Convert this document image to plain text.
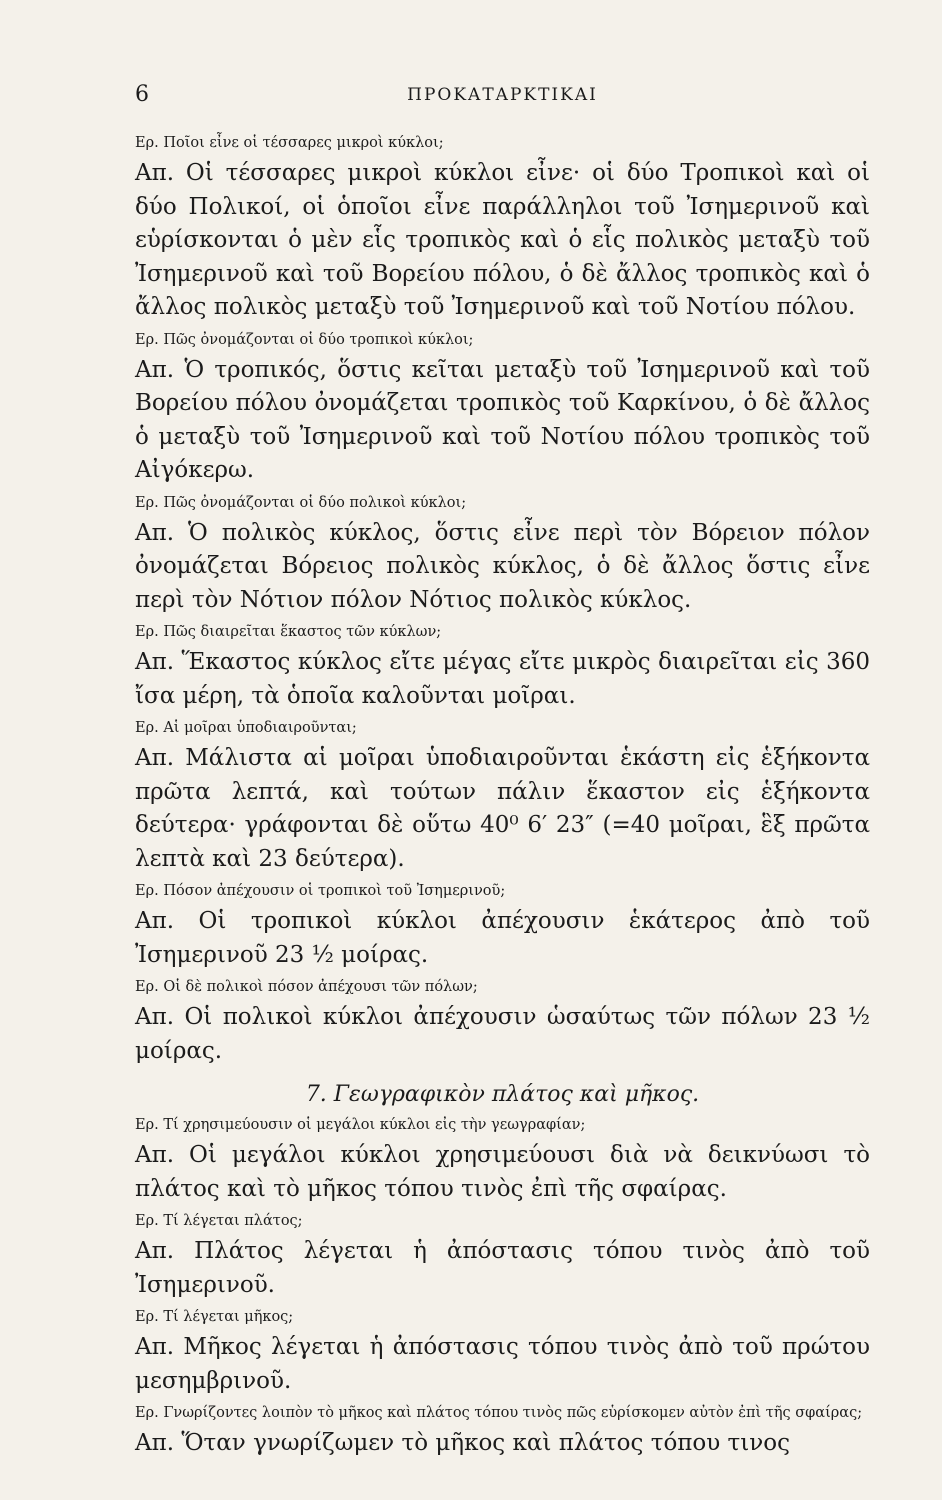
6	ΠΡΟΚΑΤΑΡΚΤΙΚΑΙ

Ερ. Ποῖοι εἶνε οἱ τέσσαρες μικροὶ κύκλοι;

Απ. Οἱ τέσσαρες μικροὶ κύκλοι εἶνε· οἱ δύο Τροπικοὶ καὶ οἱ δύο Πολικοί, οἱ ὁποῖοι εἶνε παράλληλοι τοῦ Ἰσημερινοῦ καὶ εὑρίσκονται ὁ μὲν εἷς τροπικὸς καὶ ὁ εἷς πολικὸς μεταξὺ τοῦ Ἰσημερινοῦ καὶ τοῦ Βορείου πόλου, ὁ δὲ ἄλλος τροπικὸς καὶ ὁ ἄλλος πολικὸς μεταξὺ τοῦ Ἰσημερινοῦ καὶ τοῦ Νοτίου πόλου.

Ερ. Πῶς ὀνομάζονται οἱ δύο τροπικοὶ κύκλοι;

Απ. Ὁ τροπικός, ὅστις κεῖται μεταξὺ τοῦ Ἰσημερινοῦ καὶ τοῦ Βορείου πόλου ὀνομάζεται τροπικὸς τοῦ Καρκίνου, ὁ δὲ ἄλλος ὁ μεταξὺ τοῦ Ἰσημερινοῦ καὶ τοῦ Νοτίου πόλου τροπικὸς τοῦ Αἰγόκερω.

Ερ. Πῶς ὀνομάζονται οἱ δύο πολικοὶ κύκλοι;

Απ. Ὁ πολικὸς κύκλος, ὅστις εἶνε περὶ τὸν Βόρειον πόλον ὀνομάζεται Βόρειος πολικὸς κύκλος, ὁ δὲ ἄλλος ὅστις εἶνε περὶ τὸν Νότιον πόλον Νότιος πολικὸς κύκλος.

Ερ. Πῶς διαιρεῖται ἕκαστος τῶν κύκλων;

Απ. Ἕκαστος κύκλος εἴτε μέγας εἴτε μικρὸς διαιρεῖται εἰς 360 ἴσα μέρη, τὰ ὁποῖα καλοῦνται μοῖραι.

Ερ. Αἱ μοῖραι ὑποδιαιροῦνται;

Απ. Μάλιστα αἱ μοῖραι ὑποδιαιροῦνται ἑκάστη εἰς ἑξήκοντα πρῶτα λεπτά, καὶ τούτων πάλιν ἕκαστον εἰς ἑξήκοντα δεύτερα· γράφονται δὲ οὕτω 40⁰ 6′ 23″ (=40 μοῖραι, ἓξ πρῶτα λεπτὰ καὶ 23 δεύτερα).

Ερ. Πόσον ἀπέχουσιν οἱ τροπικοὶ τοῦ Ἰσημερινοῦ;

Απ. Οἱ τροπικοὶ κύκλοι ἀπέχουσιν ἑκάτερος ἀπὸ τοῦ Ἰσημερινοῦ 23 ½ μοίρας.

Ερ. Οἱ δὲ πολικοὶ πόσον ἀπέχουσι τῶν πόλων;

Απ. Οἱ πολικοὶ κύκλοι ἀπέχουσιν ὡσαύτως τῶν πόλων 23 ½ μοίρας.

7. Γεωγραφικὸν πλάτος καὶ μῆκος.

Ερ. Τί χρησιμεύουσιν οἱ μεγάλοι κύκλοι εἰς τὴν γεωγραφίαν;

Απ. Οἱ μεγάλοι κύκλοι χρησιμεύουσι διὰ νὰ δεικνύωσι τὸ πλάτος καὶ τὸ μῆκος τόπου τινὸς ἐπὶ τῆς σφαίρας.

Ερ. Τί λέγεται πλάτος;

Απ. Πλάτος λέγεται ἡ ἀπόστασις τόπου τινὸς ἀπὸ τοῦ Ἰσημερινοῦ.

Ερ. Τί λέγεται μῆκος;

Απ. Μῆκος λέγεται ἡ ἀπόστασις τόπου τινὸς ἀπὸ τοῦ πρώτου μεσημβρινοῦ.

Ερ. Γνωρίζοντες λοιπὸν τὸ μῆκος καὶ πλάτος τόπου τινὸς πῶς εὑρίσκομεν αὐτὸν ἐπὶ τῆς σφαίρας;

Απ. Ὅταν γνωρίζωμεν τὸ μῆκος καὶ πλάτος τόπου τινος
